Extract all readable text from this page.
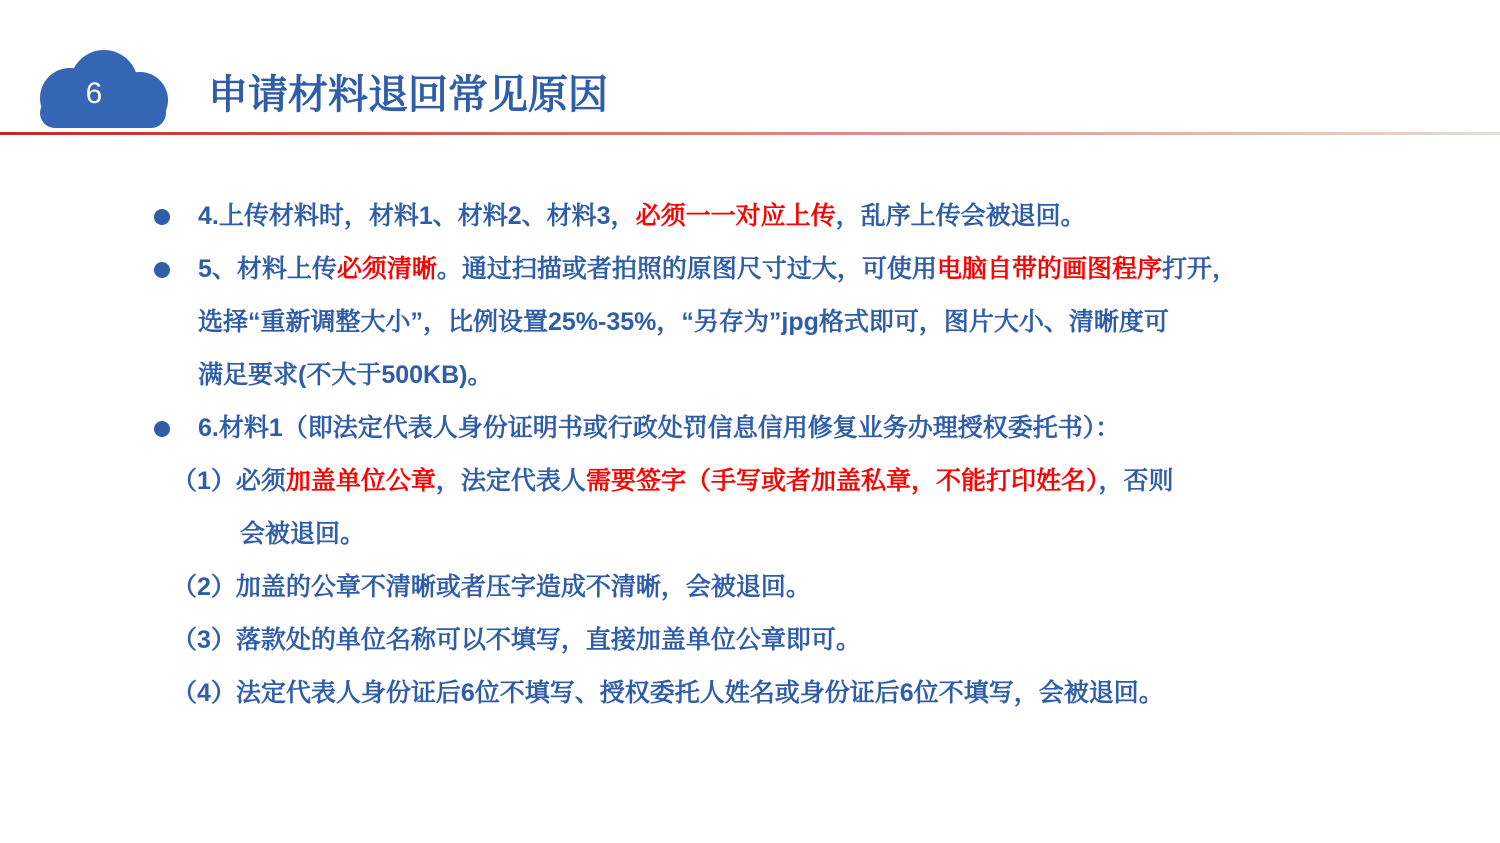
6	申请材料退回常见原因
4.上传材料时，材料1、材料2、材料3，必须一一对应上传，乱序上传会被退回。
5、材料上传必须清晰。通过扫描或者拍照的原图尺寸过大，可使用电脑自带的画图程序打开，
选择“重新调整大小”，比例设置25%-35%，“另存为”jpg格式即可，图片大小、清晰度可
满足要求(不大于500KB)。
6.材料1（即法定代表人身份证明书或行政处罚信息信用修复业务办理授权委托书）：
（1）必须加盖单位公章，法定代表人需要签字（手写或者加盖私章，不能打印姓名），否则
会被退回。
（2）加盖的公章不清晰或者压字造成不清晰，会被退回。
（3）落款处的单位名称可以不填写，直接加盖单位公章即可。
（4）法定代表人身份证后6位不填写、授权委托人姓名或身份证后6位不填写，会被退回。
